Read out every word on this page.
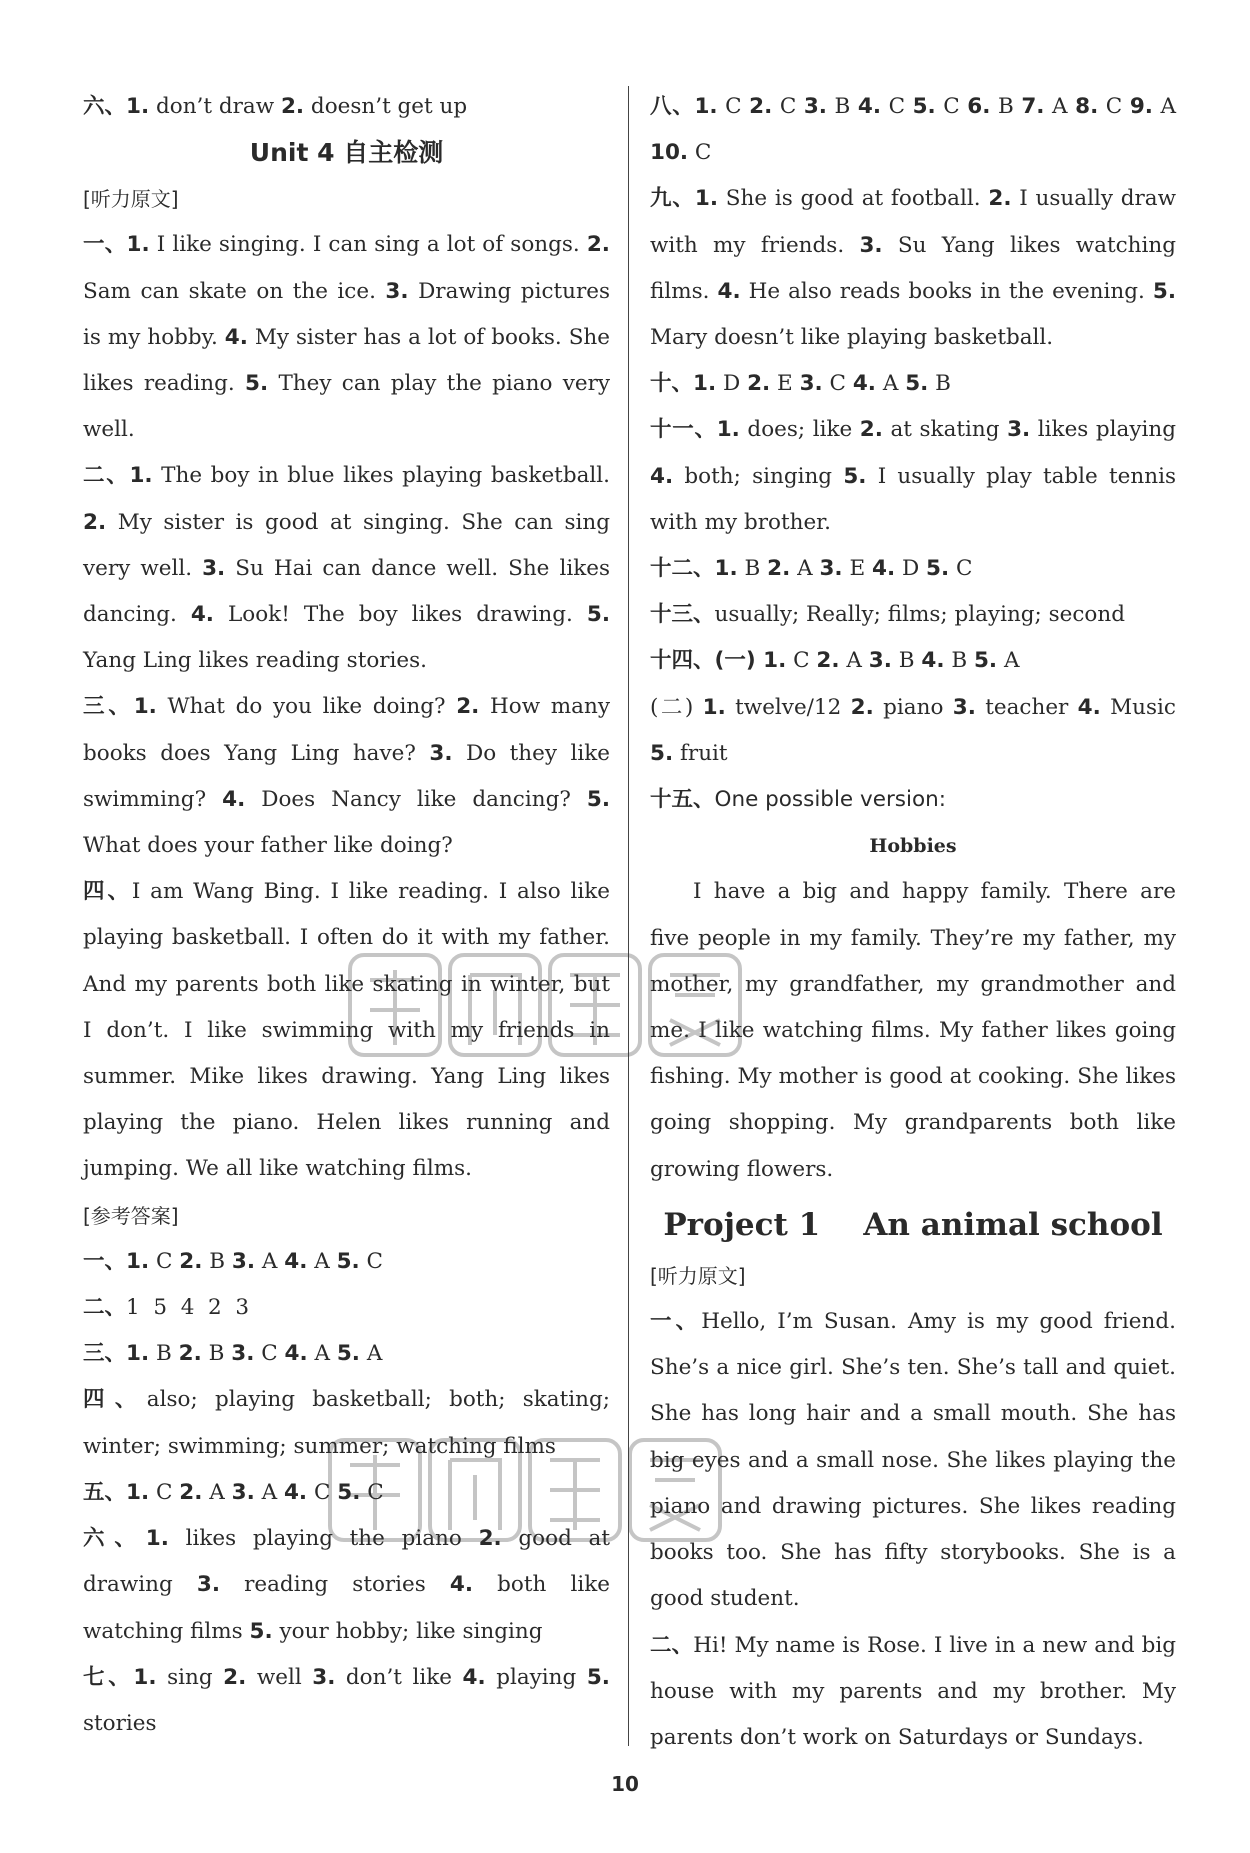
六、1. don’t draw 2. doesn’t get up

Unit 4 自主检测

[听力原文]

一、1. I like singing. I can sing a lot of songs. 2. Sam can skate on the ice. 3. Drawing pictures is my hobby. 4. My sister has a lot of books. She likes reading. 5. They can play the piano very well.

二、1. The boy in blue likes playing basketball. 2. My sister is good at singing. She can sing very well. 3. Su Hai can dance well. She likes dancing. 4. Look! The boy likes drawing. 5. Yang Ling likes reading stories.

三、1. What do you like doing? 2. How many books does Yang Ling have? 3. Do they like swimming? 4. Does Nancy like dancing? 5. What does your father like doing?

四、I am Wang Bing. I like reading. I also like playing basketball. I often do it with my father. And my parents both like skating in winter, but I don’t. I like swimming with my friends in summer. Mike likes drawing. Yang Ling likes playing the piano. Helen likes running and jumping. We all like watching films.

[参考答案]

一、1. C 2. B 3. A 4. A 5. C

二、1  5  4  2  3

三、1. B 2. B 3. C 4. A 5. A

四、also; playing basketball; both; skating; winter; swimming; summer; watching films

五、1. C 2. A 3. A 4. C 5. C

六、1. likes playing the piano 2. good at drawing 3. reading stories 4. both like watching films 5. your hobby; like singing

七、1. sing 2. well 3. don’t like 4. playing 5. stories

八、1. C 2. C 3. B 4. C 5. C 6. B 7. A 8. C 9. A 10. C

九、1. She is good at football. 2. I usually draw with my friends. 3. Su Yang likes watching films. 4. He also reads books in the evening. 5. Mary doesn’t like playing basketball.

十、1. D 2. E 3. C 4. A 5. B

十一、1. does; like 2. at skating 3. likes playing 4. both; singing 5. I usually play table tennis with my brother.

十二、1. B 2. A 3. E 4. D 5. C

十三、usually; Really; films; playing; second

十四、(一) 1. C 2. A 3. B 4. B 5. A

(二) 1. twelve/12 2. piano 3. teacher 4. Music 5. fruit

十五、One possible version:

Hobbies

I have a big and happy family. There are five people in my family. They’re my father, my mother, my grandfather, my grandmother and me. I like watching films. My father likes going fishing. My mother is good at cooking. She likes going shopping. My grandparents both like growing flowers.

Project 1    An animal school

[听力原文]

一、Hello, I’m Susan. Amy is my good friend. She’s a nice girl. She’s ten. She’s tall and quiet. She has long hair and a small mouth. She has big eyes and a small nose. She likes playing the piano and drawing pictures. She likes reading books too. She has fifty storybooks. She is a good student.

二、Hi! My name is Rose. I live in a new and big house with my parents and my brother. My parents don’t work on Saturdays or Sundays.

10
